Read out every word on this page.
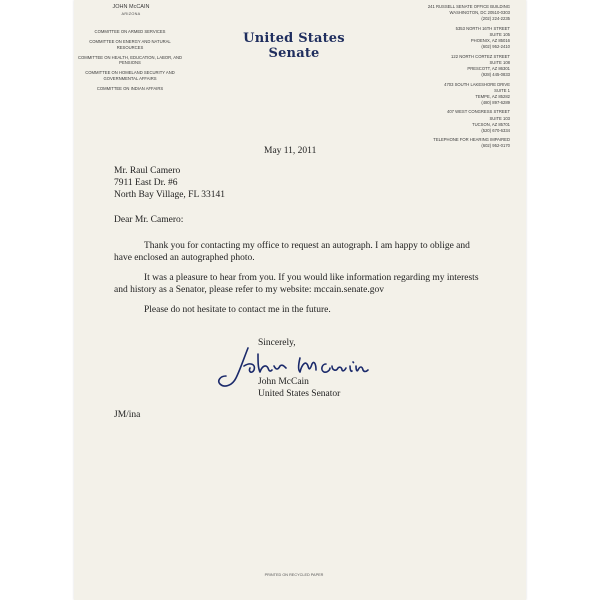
JOHN McCAIN
ARIZONA
COMMITTEE ON ARMED SERVICES
COMMITTEE ON ENERGY AND NATURAL RESOURCES
COMMITTEE ON HEALTH, EDUCATION, LABOR, AND PENSIONS
COMMITTEE ON HOMELAND SECURITY AND GOVERNMENTAL AFFAIRS
COMMITTEE ON INDIAN AFFAIRS
United States Senate
241 RUSSELL SENATE OFFICE BUILDING
WASHINGTON, DC 20510-0303
(202) 224-2235
5353 NORTH 16TH STREET
SUITE 105
PHOENIX, AZ 85016
(602) 952-2410
122 NORTH CORTEZ STREET
SUITE 108
PRESCOTT, AZ 86301
(928) 445-0833
4703 SOUTH LAKESHORE DRIVE
SUITE 1
TEMPE, AZ 85282
(480) 897-6289
407 WEST CONGRESS STREET
SUITE 103
TUCSON, AZ 85701
(520) 670-6334
TELEPHONE FOR HEARING IMPAIRED
(602) 952-0170
May 11, 2011
Mr. Raul Camero
7911 East Dr. #6
North Bay Village, FL 33141
Dear Mr. Camero:

Thank you for contacting my office to request an autograph. I am happy to oblige and have enclosed an autographed photo.

It was a pleasure to hear from you. If you would like information regarding my interests and history as a Senator, please refer to my website: mccain.senate.gov

Please do not hesitate to contact me in the future.

Sincerely,
John McCain
United States Senator
JM/ina
PRINTED ON RECYCLED PAPER
